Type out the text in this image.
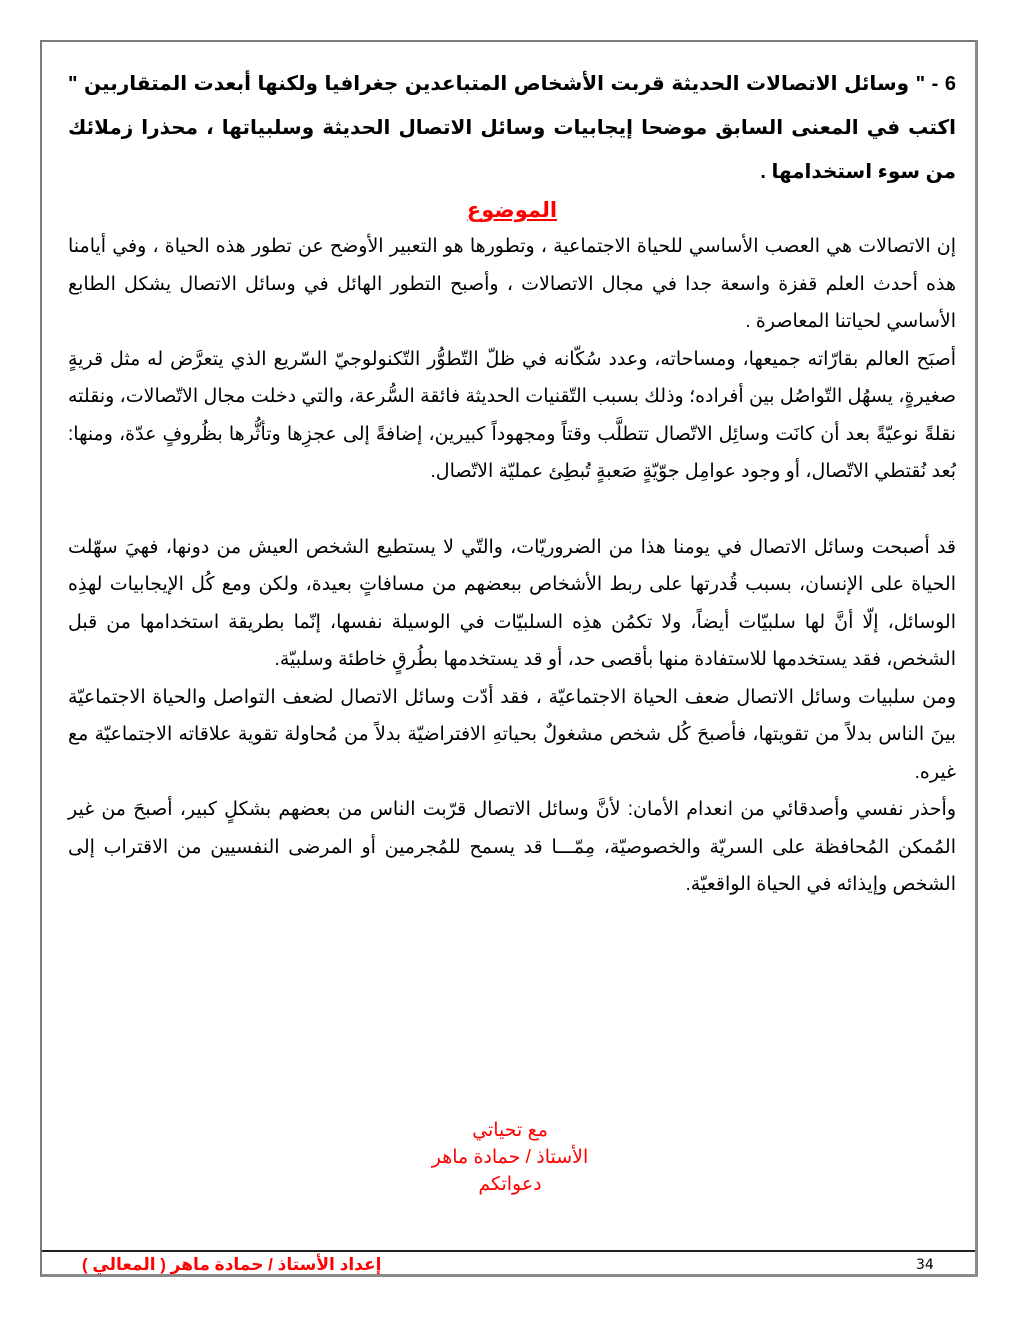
6 - " وسائل الاتصالات الحديثة قربت الأشخاص المتباعدين جغرافيا ولكنها أبعدت المتقاربين " اكتب في المعنى السابق موضحا إيجابيات وسائل الاتصال الحديثة وسلبياتها ، محذرا زملائك من سوء استخدامها .

الموضوع

إن الاتصالات هي العصب الأساسي للحياة الاجتماعية ، وتطورها هو التعبير الأوضح عن تطور هذه الحياة ، وفي أيامنا هذه أحدث العلم قفزة واسعة جدا في مجال الاتصالات ، وأصبح التطور الهائل في وسائل الاتصال يشكل الطابع الأساسي لحياتنا المعاصرة .

أصبَح العالم بقارّاته جميعها، ومساحاته، وعدد سُكّانه في ظلّ التّطوُّر التّكنولوجيّ السّريع الذي يتعرَّض له مثل قريةٍ صغيرةٍ، يسهُل التّواصُل بين أفراده؛ وذلك بسبب التّقنيات الحديثة فائقة السُّرعة، والتي دخلت مجال الاتّصالات، ونقلته نقلةً نوعيّةً بعد أن كانَت وسائِل الاتّصال تتطلَّب وقتاً ومجهوداً كبيرين، إضافةً إلى عجزِها وتأثُّرها بظُروفٍ عدّة، ومنها: بُعد نُقتطي الاتّصال، أو وجود عوامِل جوّيّةٍ صَعبةٍ تُبطِئ عمليّة الاتّصال.

قد أصبحت وسائل الاتصال في يومنا هذا من الضروريّات، والتّي لا يستطيع الشخص العيش من دونها، فهيَ سهّلت الحياة على الإنسان، بسبب قُدرتها على ربط الأشخاص ببعضهم من مسافاتٍ بعيدة، ولكن ومع كُل الإيجابيات لهذِه الوسائل، إلّا أنَّ لها سلبيّات أيضاً، ولا تكمُن هذِه السلبيّات في الوسيلة نفسها، إنّما بطريقة استخدامها من قبل الشخص، فقد يستخدمها للاستفادة منها بأقصى حد، أو قد يستخدمها بطُرقٍ خاطئة وسلبيّة.

ومن سلبيات وسائل الاتصال ضعف الحياة الاجتماعيّة ، فقد أدّت وسائل الاتصال لضعف التواصل والحياة الاجتماعيّة بينَ الناس بدلاً من تقويتها، فأصبحَ كُل شخص مشغولٌ بحياتهِ الافتراضيّة بدلاً من مُحاولة تقوية علاقاته الاجتماعيّة مع غيره.

وأحذر نفسي وأصدقائي من انعدام الأمان: لأنَّ وسائل الاتصال قرّبت الناس من بعضهم بشكلٍ كبير، أصبحَ من غير المُمكن المُحافظة على السريّة والخصوصيّة، مِمّـــا قد يسمح للمُجرمين أو المرضى النفسيين من الاقتراب إلى الشخص وإيذائه في الحياة الواقعيّة.

مع تحياتي
الأستاذ / حمادة ماهر
دعواتكم
إعداد الأستاذ / حمادة ماهر ( المعالي )	34
